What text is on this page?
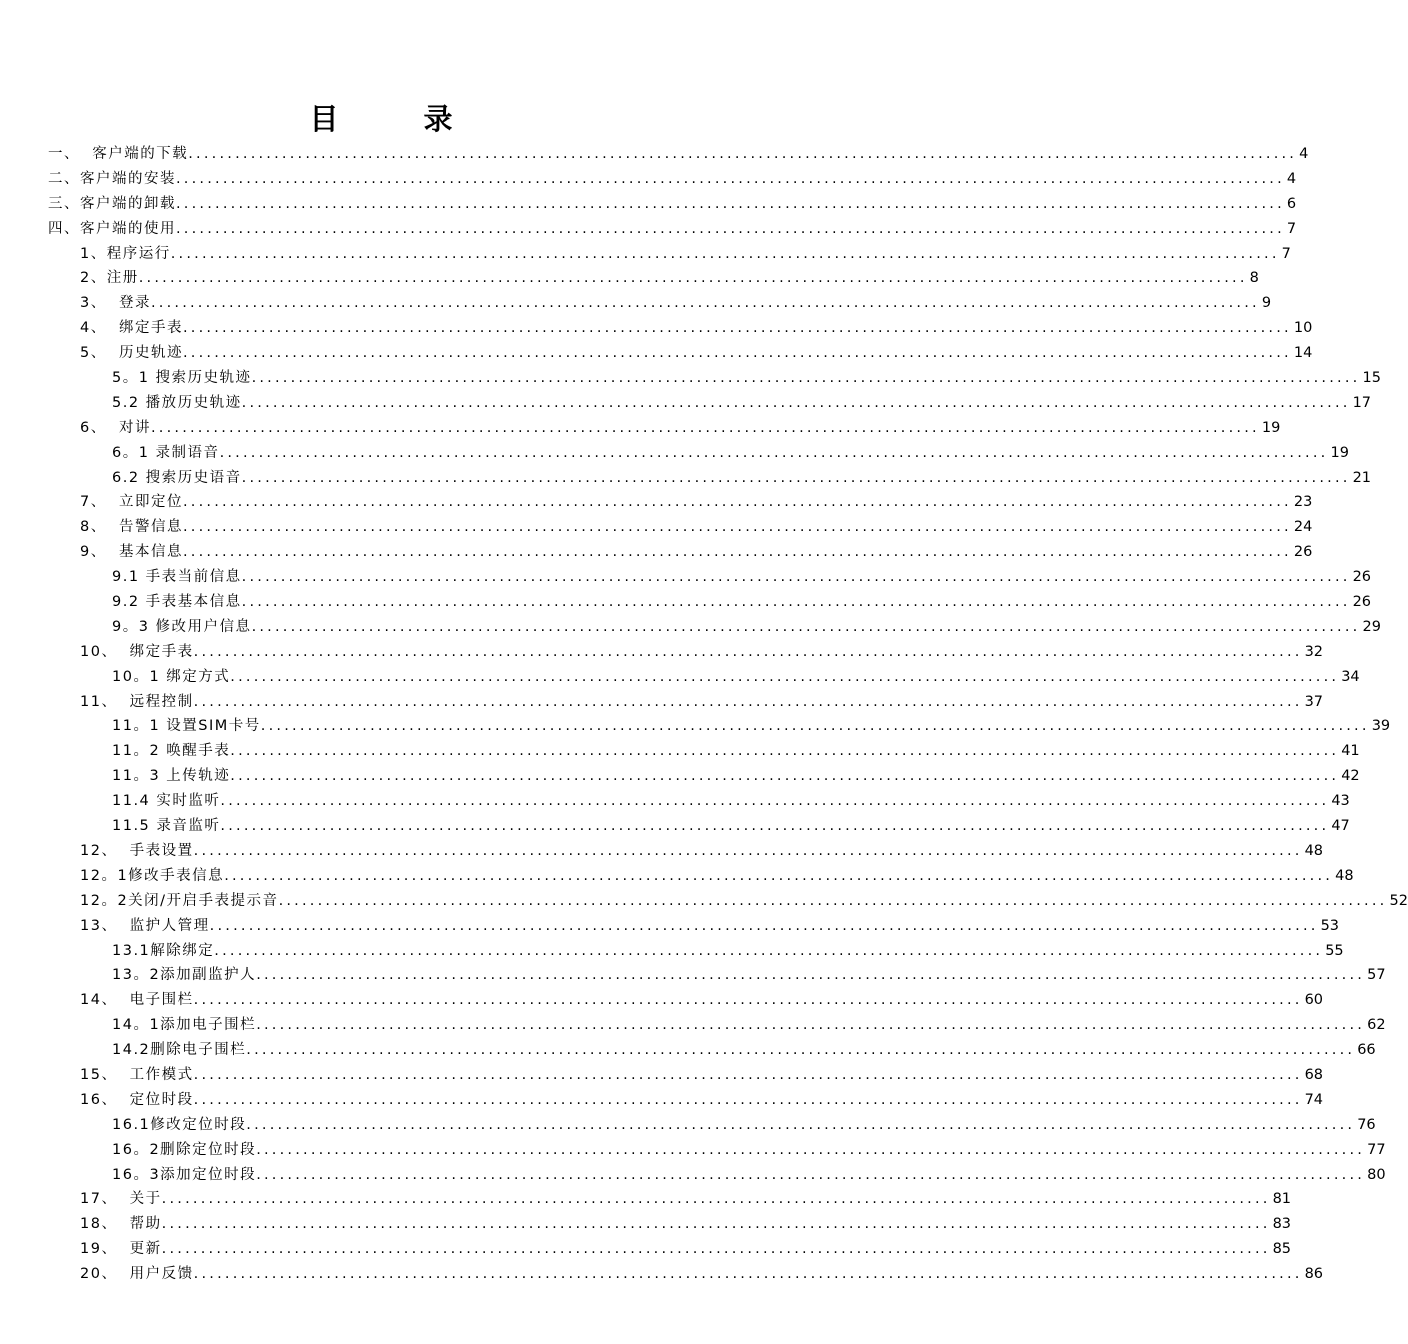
目　录
一、  客户端的下载 .............................................................................................................................................. 4
二、客户端的安装 .............................................................................................................................................. 4
三、客户端的卸载 .............................................................................................................................................. 6
四、客户端的使用 .............................................................................................................................................. 7
1、程序运行 .............................................................................................................................................. 7
2、注册 .............................................................................................................................................. 8
3、  登录 .............................................................................................................................................. 9
4、  绑定手表 .............................................................................................................................................. 10
5、  历史轨迹 .............................................................................................................................................. 14
5。1 搜索历史轨迹 .............................................................................................................................................. 15
5.2 播放历史轨迹 .............................................................................................................................................. 17
6、  对讲 .............................................................................................................................................. 19
6。1 录制语音 .............................................................................................................................................. 19
6.2 搜索历史语音 .............................................................................................................................................. 21
7、  立即定位 .............................................................................................................................................. 23
8、  告警信息 .............................................................................................................................................. 24
9、  基本信息 .............................................................................................................................................. 26
9.1 手表当前信息 .............................................................................................................................................. 26
9.2 手表基本信息 .............................................................................................................................................. 26
9。3 修改用户信息 .............................................................................................................................................. 29
10、  绑定手表 .............................................................................................................................................. 32
10。1 绑定方式 .............................................................................................................................................. 34
11、  远程控制 .............................................................................................................................................. 37
11。1 设置SIM卡号 .............................................................................................................................................. 39
11。2 唤醒手表 .............................................................................................................................................. 41
11。3 上传轨迹 .............................................................................................................................................. 42
11.4 实时监听 .............................................................................................................................................. 43
11.5 录音监听 .............................................................................................................................................. 47
12、  手表设置 .............................................................................................................................................. 48
12。1修改手表信息 .............................................................................................................................................. 48
12。2关闭/开启手表提示音 .............................................................................................................................................. 52
13、  监护人管理 .............................................................................................................................................. 53
13.1解除绑定 .............................................................................................................................................. 55
13。2添加副监护人 .............................................................................................................................................. 57
14、  电子围栏 .............................................................................................................................................. 60
14。1添加电子围栏 .............................................................................................................................................. 62
14.2删除电子围栏 .............................................................................................................................................. 66
15、  工作模式 .............................................................................................................................................. 68
16、  定位时段 .............................................................................................................................................. 74
16.1修改定位时段 .............................................................................................................................................. 76
16。2删除定位时段 .............................................................................................................................................. 77
16。3添加定位时段 .............................................................................................................................................. 80
17、  关于 .............................................................................................................................................. 81
18、  帮助 .............................................................................................................................................. 83
19、  更新 .............................................................................................................................................. 85
20、  用户反馈 .............................................................................................................................................. 86
